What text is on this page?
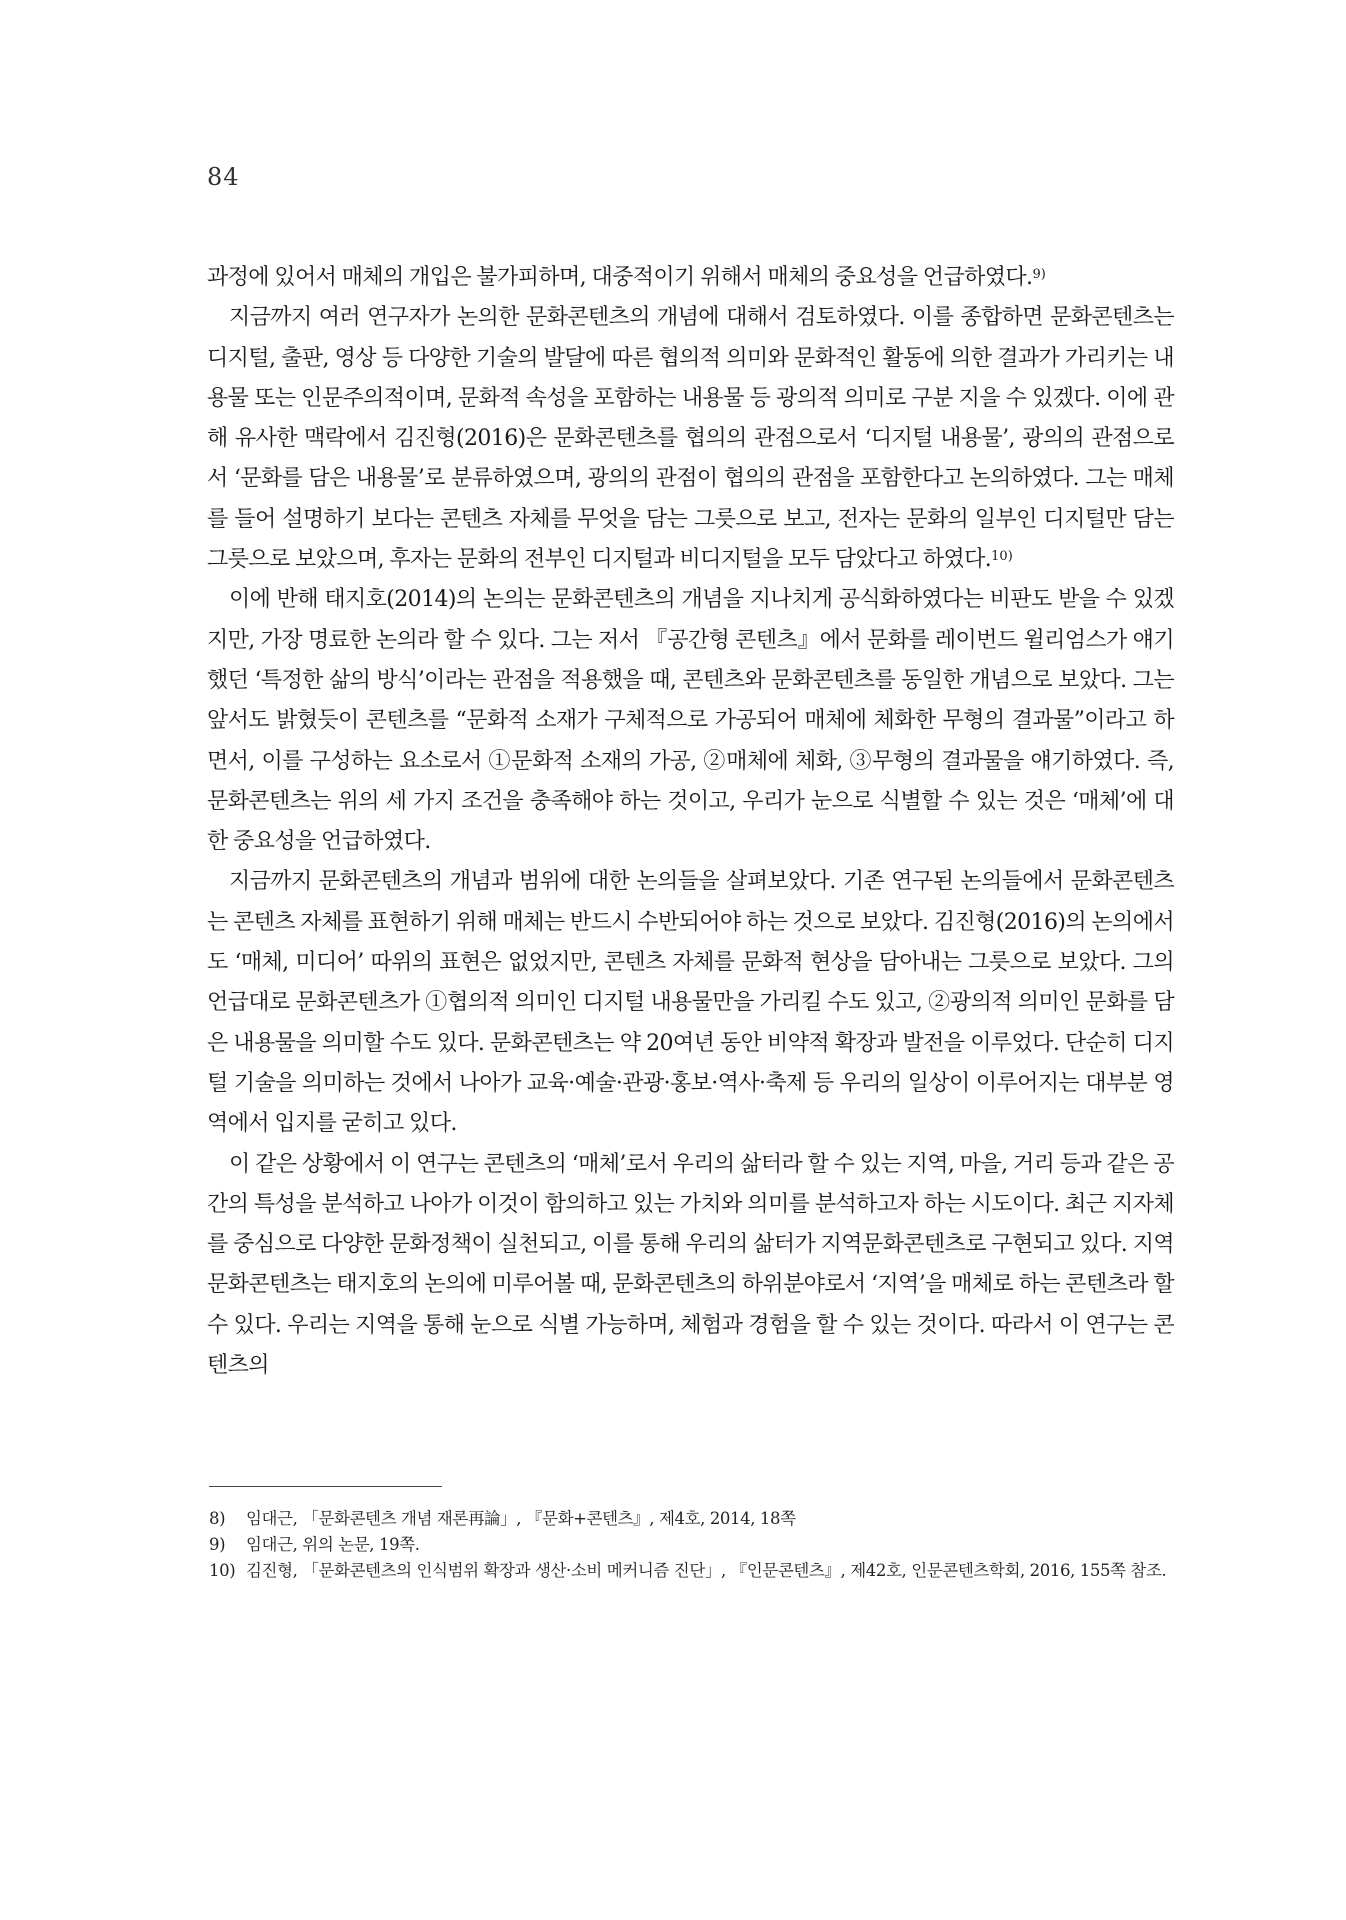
84

과정에 있어서 매체의 개입은 불가피하며, 대중적이기 위해서 매체의 중요성을 언급하였다.$^{9)}$

지금까지 여러 연구자가 논의한 문화콘텐츠의 개념에 대해서 검토하였다. 이를 종합하면 문화콘텐츠는 디지털, 출판, 영상 등 다양한 기술의 발달에 따른 협의적 의미와 문화적인 활동에 의한 결과가 가리키는 내용물 또는 인문주의적이며, 문화적 속성을 포함하는 내용물 등 광의적 의미로 구분 지을 수 있겠다. 이에 관해 유사한 맥락에서 김진형(2016)은 문화콘텐츠를 협의의 관점으로서 ‘디지털 내용물’, 광의의 관점으로서 ‘문화를 담은 내용물’로 분류하였으며, 광의의 관점이 협의의 관점을 포함한다고 논의하였다. 그는 매체를 들어 설명하기 보다는 콘텐츠 자체를 무엇을 담는 그릇으로 보고, 전자는 문화의 일부인 디지털만 담는 그릇으로 보았으며, 후자는 문화의 전부인 디지털과 비디지털을 모두 담았다고 하였다.$^{10)}$

이에 반해 태지호(2014)의 논의는 문화콘텐츠의 개념을 지나치게 공식화하였다는 비판도 받을 수 있겠지만, 가장 명료한 논의라 할 수 있다. 그는 저서 『공간형 콘텐츠』에서 문화를 레이번드 윌리엄스가 얘기했던 ‘특정한 삶의 방식’이라는 관점을 적용했을 때, 콘텐츠와 문화콘텐츠를 동일한 개념으로 보았다. 그는 앞서도 밝혔듯이 콘텐츠를 “문화적 소재가 구체적으로 가공되어 매체에 체화한 무형의 결과물”이라고 하면서, 이를 구성하는 요소로서 ①문화적 소재의 가공, ②매체에 체화, ③무형의 결과물을 얘기하였다. 즉, 문화콘텐츠는 위의 세 가지 조건을 충족해야 하는 것이고, 우리가 눈으로 식별할 수 있는 것은 ‘매체’에 대한 중요성을 언급하였다.

지금까지 문화콘텐츠의 개념과 범위에 대한 논의들을 살펴보았다. 기존 연구된 논의들에서 문화콘텐츠는 콘텐츠 자체를 표현하기 위해 매체는 반드시 수반되어야 하는 것으로 보았다. 김진형(2016)의 논의에서도 ‘매체, 미디어’ 따위의 표현은 없었지만, 콘텐츠 자체를 문화적 현상을 담아내는 그릇으로 보았다. 그의 언급대로 문화콘텐츠가 ①협의적 의미인 디지털 내용물만을 가리킬 수도 있고, ②광의적 의미인 문화를 담은 내용물을 의미할 수도 있다. 문화콘텐츠는 약 20여년 동안 비약적 확장과 발전을 이루었다. 단순히 디지털 기술을 의미하는 것에서 나아가 교육·예술·관광·홍보·역사·축제 등 우리의 일상이 이루어지는 대부분 영역에서 입지를 굳히고 있다.

이 같은 상황에서 이 연구는 콘텐츠의 ‘매체’로서 우리의 삶터라 할 수 있는 지역, 마을, 거리 등과 같은 공간의 특성을 분석하고 나아가 이것이 함의하고 있는 가치와 의미를 분석하고자 하는 시도이다. 최근 지자체를 중심으로 다양한 문화정책이 실천되고, 이를 통해 우리의 삶터가 지역문화콘텐츠로 구현되고 있다. 지역문화콘텐츠는 태지호의 논의에 미루어볼 때, 문화콘텐츠의 하위분야로서 ‘지역’을 매체로 하는 콘텐츠라 할 수 있다. 우리는 지역을 통해 눈으로 식별 가능하며, 체험과 경험을 할 수 있는 것이다. 따라서 이 연구는 콘텐츠의

8) 임대근, 「문화콘텐츠 개념 재론再論」, 『문화+콘텐츠』, 제4호, 2014, 18쪽
9) 임대근, 위의 논문, 19쪽.
10) 김진형, 「문화콘텐츠의 인식범위 확장과 생산·소비 메커니즘 진단」, 『인문콘텐츠』, 제42호, 인문콘텐츠학회, 2016, 155쪽 참조.
